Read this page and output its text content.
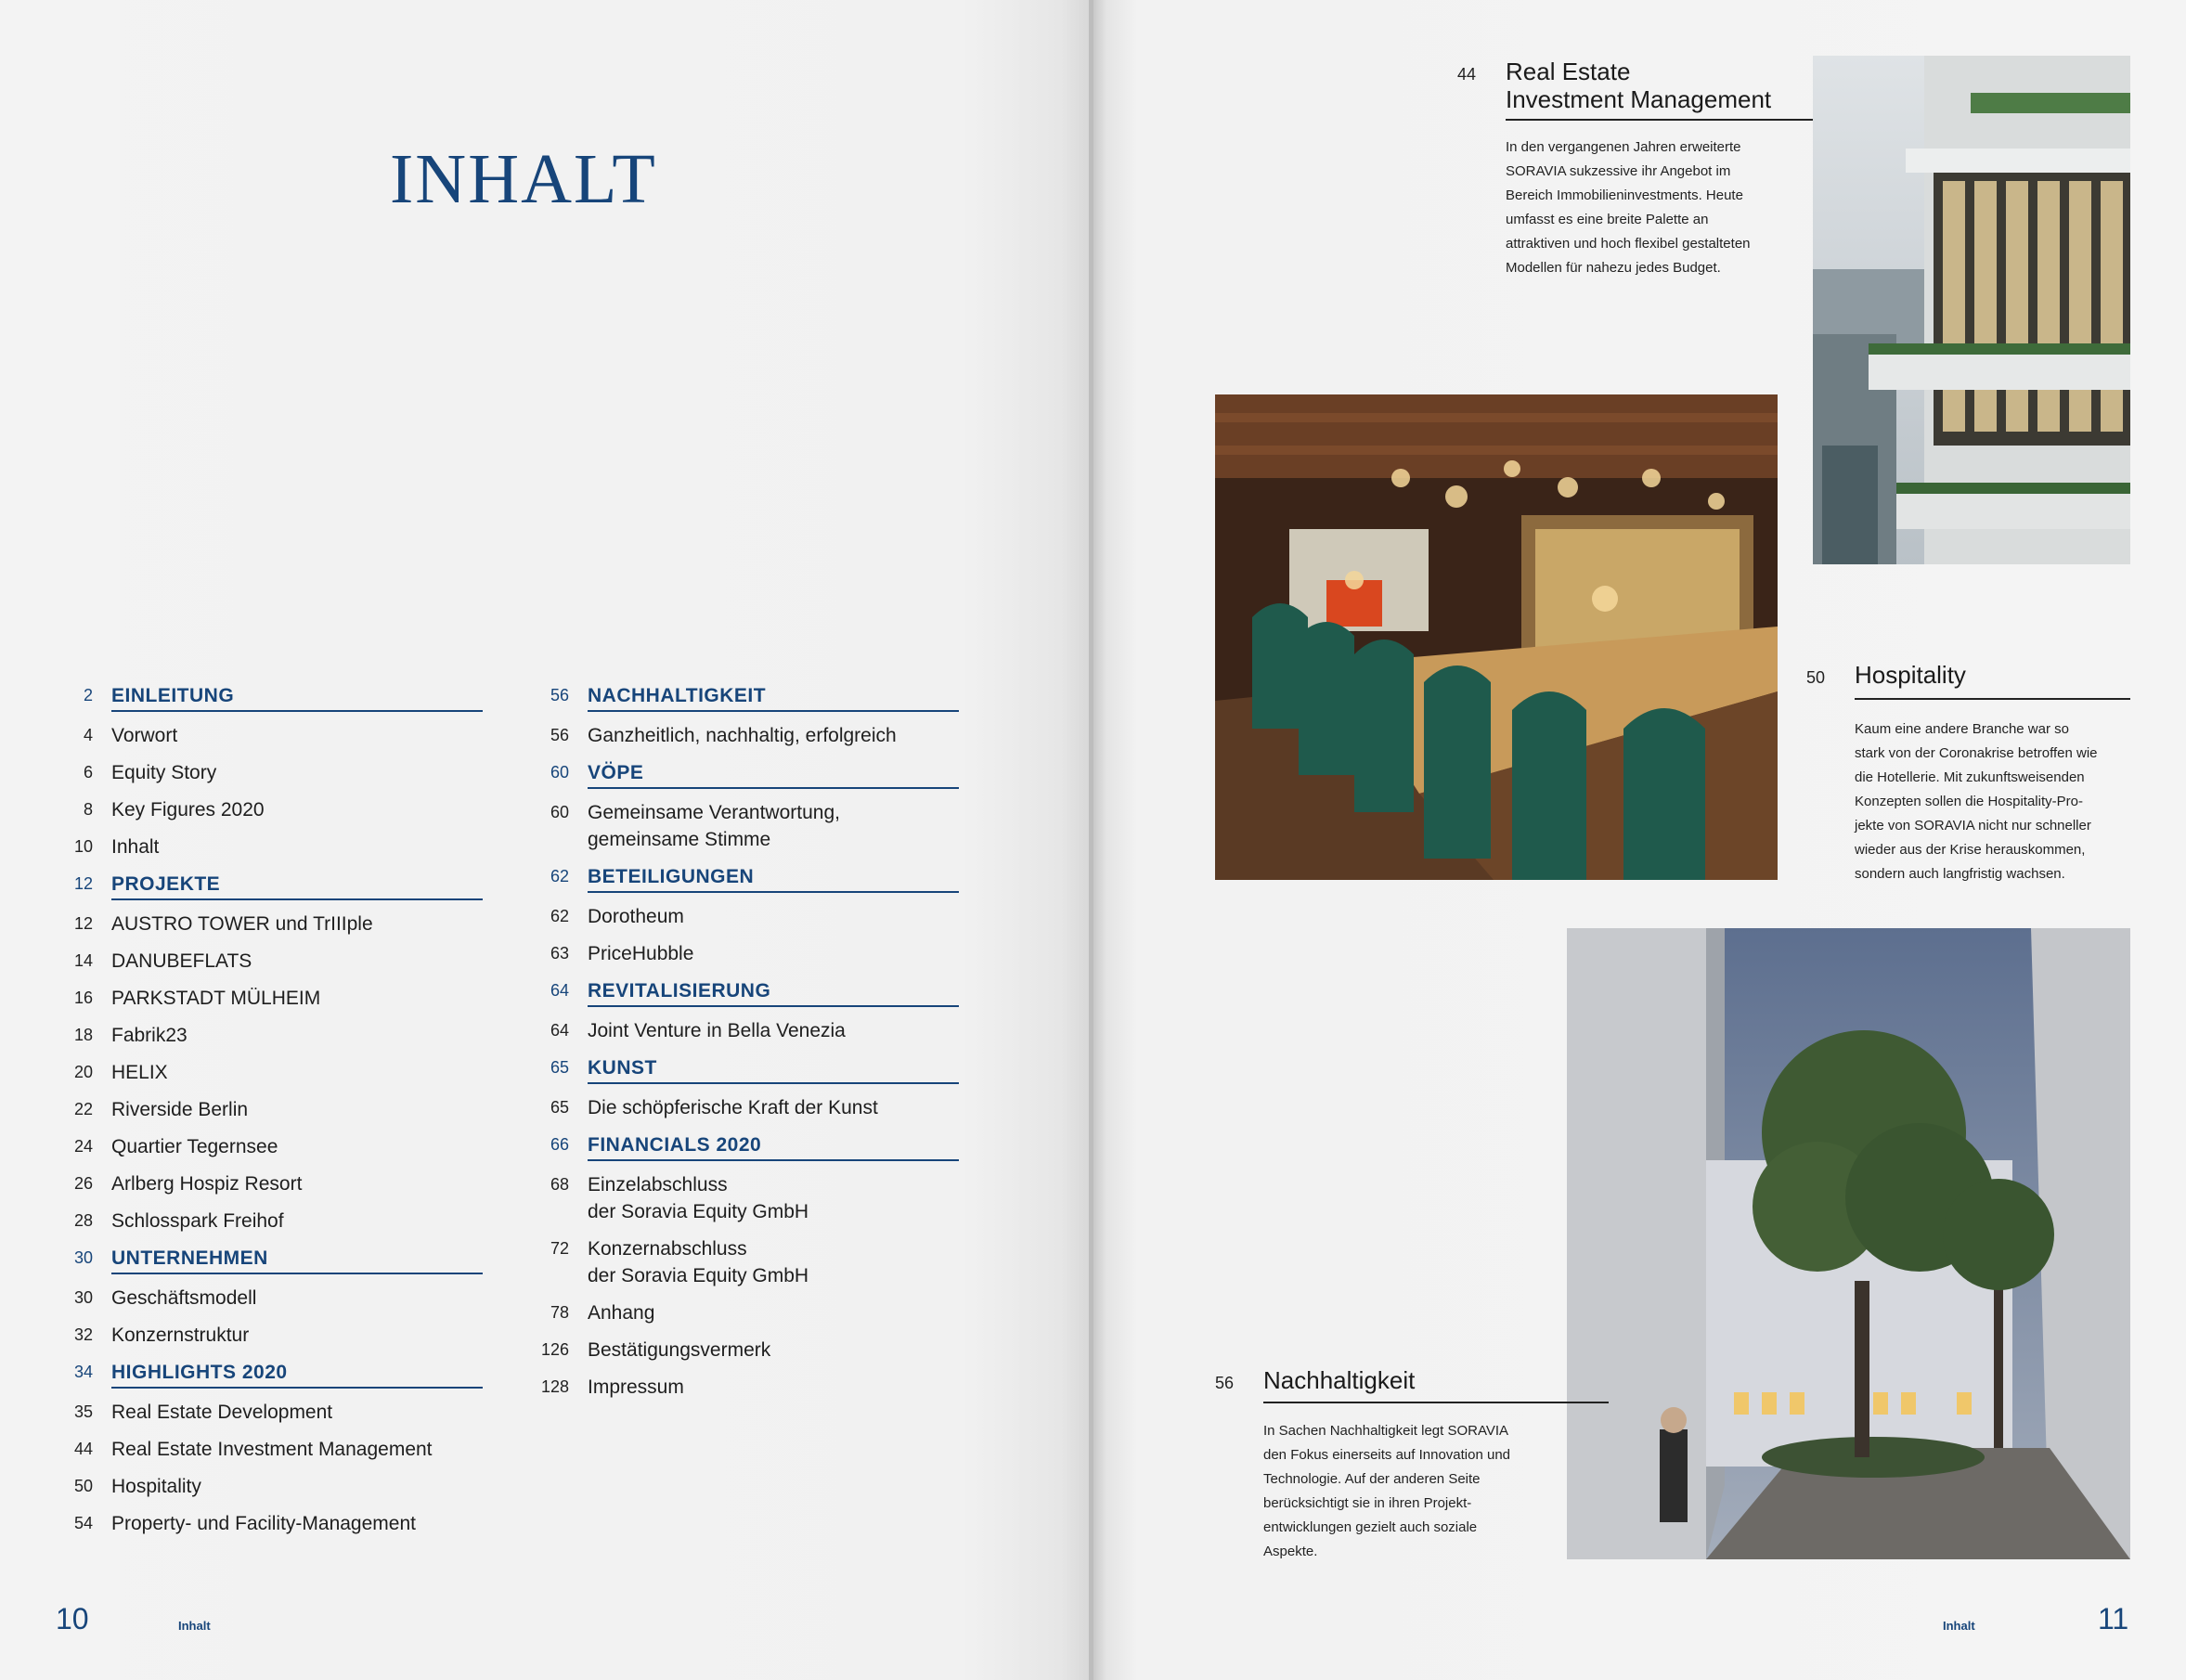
INHALT
2 EINLEITUNG
4 Vorwort
6 Equity Story
8 Key Figures 2020
10 Inhalt
12 PROJEKTE
12 AUSTRO TOWER und TrIIIple
14 DANUBEFLATS
16 PARKSTADT MÜLHEIM
18 Fabrik23
20 HELIX
22 Riverside Berlin
24 Quartier Tegernsee
26 Arlberg Hospiz Resort
28 Schlosspark Freihof
30 UNTERNEHMEN
30 Geschäftsmodell
32 Konzernstruktur
34 HIGHLIGHTS 2020
35 Real Estate Development
44 Real Estate Investment Management
50 Hospitality
54 Property- und Facility-Management
56 NACHHALTIGKEIT
56 Ganzheitlich, nachhaltig, erfolgreich
60 VÖPE
60 Gemeinsame Verantwortung,
gemeinsame Stimme
62 BETEILIGUNGEN
62 Dorotheum
63 PriceHubble
64 REVITALISIERUNG
64 Joint Venture in Bella Venezia
65 KUNST
65 Die schöpferische Kraft der Kunst
66 FINANCIALS 2020
68 Einzelabschluss
der Soravia Equity GmbH
72 Konzernabschluss
der Soravia Equity GmbH
78 Anhang
126 Bestätigungsvermerk
128 Impressum
10	Inhalt
44 Real Estate
Investment Management
In den vergangenen Jahren erweiterte
SORAVIA sukzessive ihr Angebot im
Bereich Immobilieninvestments. Heute
umfasst es eine breite Palette an
attraktiven und hoch flexibel gestalteten
Modellen für nahezu jedes Budget.
50 Hospitality
Kaum eine andere Branche war so
stark von der Coronakrise betroffen wie
die Hotellerie. Mit zukunftsweisenden
Konzepten sollen die Hospitality-Pro-
jekte von SORAVIA nicht nur schneller
wieder aus der Krise herauskommen,
sondern auch langfristig wachsen.
56 Nachhaltigkeit
In Sachen Nachhaltigkeit legt SORAVIA
den Fokus einerseits auf Innovation und
Technologie. Auf der anderen Seite
berücksichtigt sie in ihren Projekt-
entwicklungen gezielt auch soziale
Aspekte.
Inhalt	11
